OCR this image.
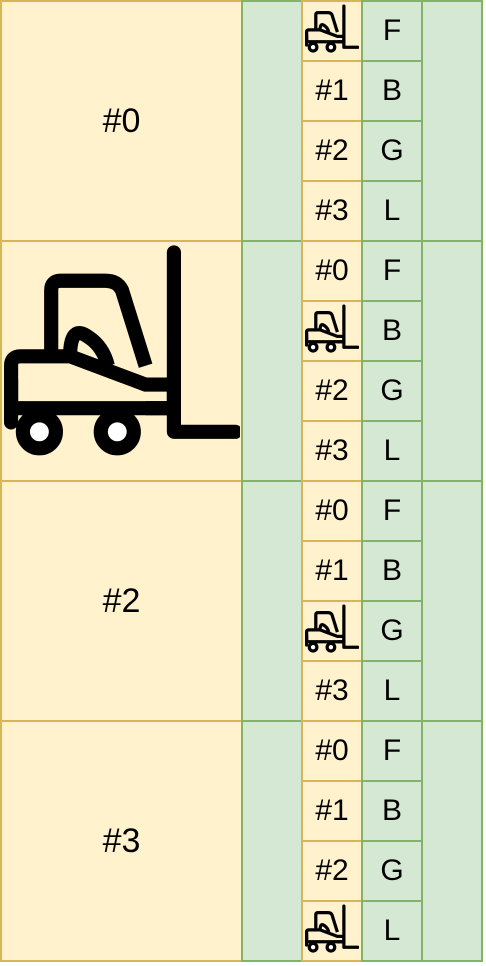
#0
F
#1 B
#2 G
#3 L
#0 F
B
#2 G
#3 L
#2
#0 F
#1 B
G
#3 L
#3
#0 F
#1 B
#2 G
L
